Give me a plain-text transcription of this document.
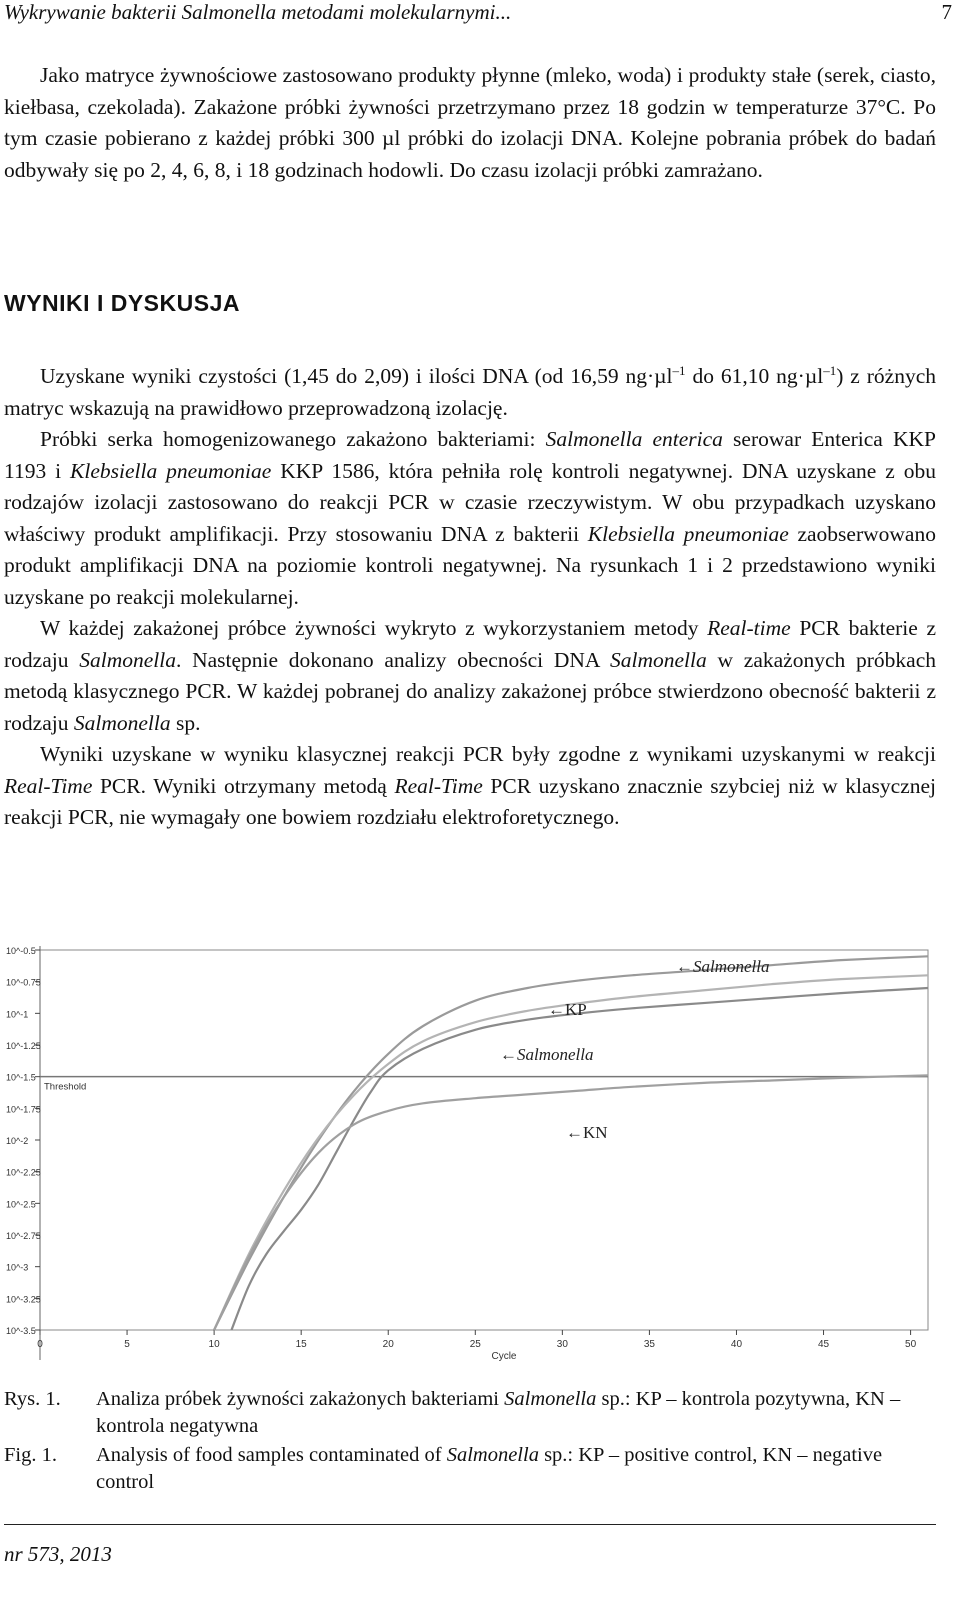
Wykrywanie bakterii Salmonella metodami molekularnymi...	7

Jako matryce żywnościowe zastosowano produkty płynne (mleko, woda) i produkty stałe (serek, ciasto, kiełbasa, czekolada). Zakażone próbki żywności przetrzymano przez 18 godzin w temperaturze 37°C. Po tym czasie pobierano z każdej próbki 300 µl próbki do izolacji DNA. Kolejne pobrania próbek do badań odbywały się po 2, 4, 6, 8, i 18 godzinach hodowli. Do czasu izolacji próbki zamrażano.

WYNIKI I DYSKUSJA

Uzyskane wyniki czystości (1,45 do 2,09) i ilości DNA (od 16,59 ng·µl$^{-1}$ do 61,10 ng·µl$^{-1}$) z różnych matryc wskazują na prawidłowo przeprowadzoną izolację.

Próbki serka homogenizowanego zakażono bakteriami: Salmonella enterica serowar Enterica KKP 1193 i Klebsiella pneumoniae KKP 1586, która pełniła rolę kontroli negatywnej. DNA uzyskane z obu rodzajów izolacji zastosowano do reakcji PCR w czasie rzeczywistym. W obu przypadkach uzyskano właściwy produkt amplifikacji. Przy stosowaniu DNA z bakterii Klebsiella pneumoniae zaobserwowano produkt amplifikacji DNA na poziomie kontroli negatywnej. Na rysunkach 1 i 2 przedstawiono wyniki uzyskane po reakcji molekularnej.

W każdej zakażonej próbce żywności wykryto z wykorzystaniem metody Real-time PCR bakterie z rodzaju Salmonella. Następnie dokonano analizy obecności DNA Salmonella w zakażonych próbkach metodą klasycznego PCR. W każdej pobranej do analizy zakażonej próbce stwierdzono obecność bakterii z rodzaju Salmonella sp.

Wyniki uzyskane w wyniku klasycznej reakcji PCR były zgodne z wynikami uzyskanymi w reakcji Real-Time PCR. Wyniki otrzymany metodą Real-Time PCR uzyskano znacznie szybciej niż w klasycznej reakcji PCR, nie wymagały one bowiem rozdziału elektroforetycznego.

10^-0.5
10^-0.75
10^-1
10^-1.25
10^-1.5
10^-1.75
10^-2
10^-2.25
10^-2.5
10^-2.75
10^-3
10^-3.25
10^-3.5
0	5	10	15	20	25	30	35	40	45	50
Cycle
Threshold
←Salmonella
←KP
←Salmonella
←KN
Rys. 1. Analiza próbek żywności zakażonych bakteriami Salmonella sp.: KP – kontrola pozytywna, KN – kontrola negatywna
Fig. 1. Analysis of food samples contaminated of Salmonella sp.: KP – positive control, KN – negative control
nr 573, 2013
